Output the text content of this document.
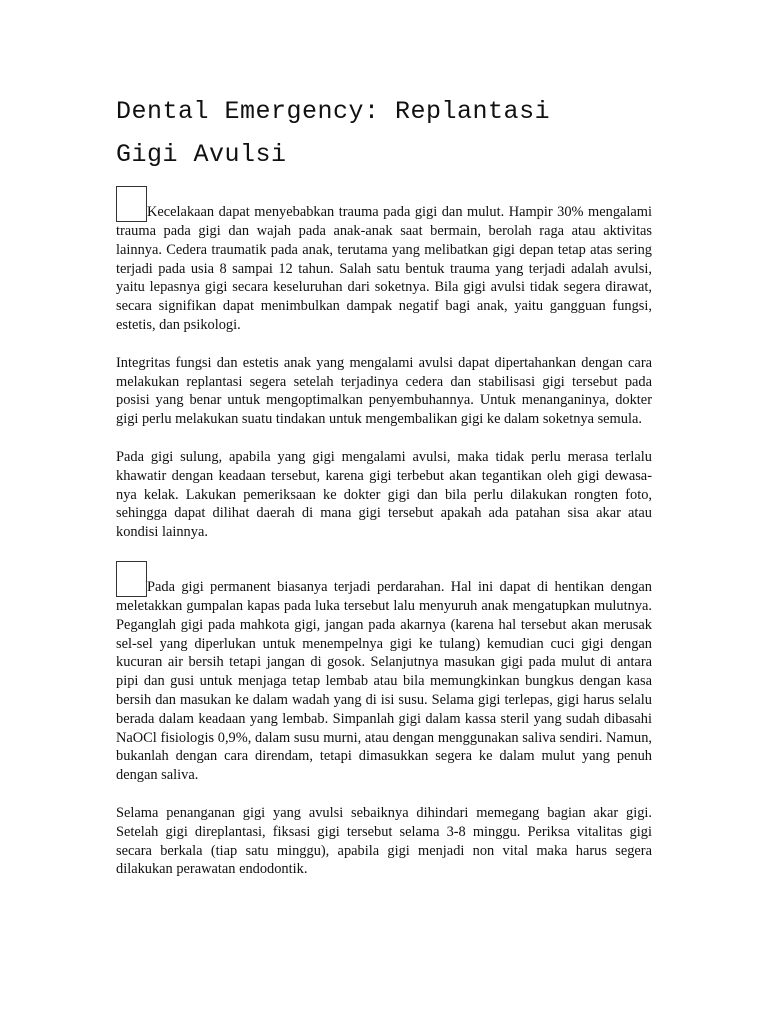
Dental Emergency: Replantasi
Gigi Avulsi

Kecelakaan dapat menyebabkan trauma pada gigi dan mulut. Hampir 30% mengalami trauma pada gigi dan wajah pada anak-anak saat bermain, berolah raga atau aktivitas lainnya. Cedera traumatik pada anak, terutama yang melibatkan gigi depan tetap atas sering terjadi pada usia 8 sampai 12 tahun. Salah satu bentuk trauma yang terjadi adalah avulsi, yaitu lepasnya gigi secara keseluruhan dari soketnya. Bila gigi avulsi tidak segera dirawat, secara signifikan dapat menimbulkan dampak negatif bagi anak, yaitu gangguan fungsi, estetis, dan psikologi.

Integritas fungsi dan estetis anak yang mengalami avulsi dapat dipertahankan dengan cara melakukan replantasi segera setelah terjadinya cedera dan stabilisasi gigi tersebut pada posisi yang benar untuk mengoptimalkan penyembuhannya. Untuk menanganinya, dokter gigi perlu melakukan suatu tindakan untuk mengembalikan gigi ke dalam soketnya semula.

Pada gigi sulung, apabila yang gigi mengalami avulsi, maka tidak perlu merasa terlalu khawatir dengan keadaan tersebut, karena gigi terbebut akan tegantikan oleh gigi dewasa-nya kelak. Lakukan pemeriksaan ke dokter gigi dan bila perlu dilakukan rongten foto, sehingga dapat dilihat daerah di mana gigi tersebut apakah ada patahan sisa akar atau kondisi lainnya.

Pada gigi permanent biasanya terjadi perdarahan. Hal ini dapat di hentikan dengan meletakkan gumpalan kapas pada luka tersebut lalu menyuruh anak mengatupkan mulutnya. Peganglah gigi pada mahkota gigi, jangan pada akarnya (karena hal tersebut akan merusak sel-sel yang diperlukan untuk menempelnya gigi ke tulang) kemudian cuci gigi dengan kucuran air bersih tetapi jangan di gosok. Selanjutnya masukan gigi pada mulut di antara pipi dan gusi untuk menjaga tetap lembab atau bila memungkinkan bungkus dengan kasa bersih dan masukan ke dalam wadah yang di isi susu. Selama gigi terlepas, gigi harus selalu berada dalam keadaan yang lembab. Simpanlah gigi dalam kassa steril yang sudah dibasahi NaOCl fisiologis 0,9%, dalam susu murni, atau dengan menggunakan saliva sendiri. Namun, bukanlah dengan cara direndam, tetapi dimasukkan segera ke dalam mulut yang penuh dengan saliva.

Selama penanganan gigi yang avulsi sebaiknya dihindari memegang bagian akar gigi. Setelah gigi direplantasi, fiksasi gigi tersebut selama 3-8 minggu. Periksa vitalitas gigi secara berkala (tiap satu minggu), apabila gigi menjadi non vital maka harus segera dilakukan perawatan endodontik.
